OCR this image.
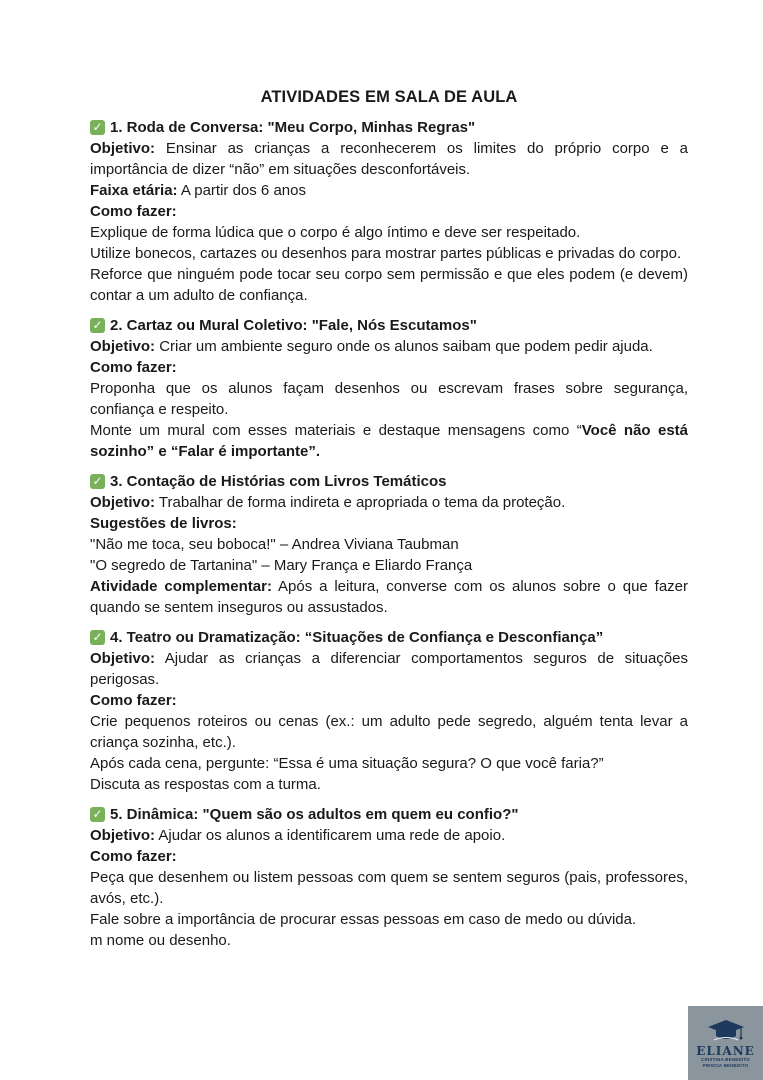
ATIVIDADES EM SALA DE AULA
✓ 1. Roda de Conversa: "Meu Corpo, Minhas Regras"
Objetivo: Ensinar as crianças a reconhecerem os limites do próprio corpo e a importância de dizer “não” em situações desconfortáveis.
Faixa etária: A partir dos 6 anos
Como fazer:
Explique de forma lúdica que o corpo é algo íntimo e deve ser respeitado.
Utilize bonecos, cartazes ou desenhos para mostrar partes públicas e privadas do corpo.
Reforce que ninguém pode tocar seu corpo sem permissão e que eles podem (e devem) contar a um adulto de confiança.
✓ 2. Cartaz ou Mural Coletivo: "Fale, Nós Escutamos"
Objetivo: Criar um ambiente seguro onde os alunos saibam que podem pedir ajuda.
Como fazer:
Proponha que os alunos façam desenhos ou escrevam frases sobre segurança, confiança e respeito.
Monte um mural com esses materiais e destaque mensagens como “Você não está sozinho” e “Falar é importante”.
✓ 3. Contação de Histórias com Livros Temáticos
Objetivo: Trabalhar de forma indireta e apropriada o tema da proteção.
Sugestões de livros:
"Não me toca, seu boboca!" – Andrea Viviana Taubman
"O segredo de Tartanina" – Mary França e Eliardo França
Atividade complementar: Após a leitura, converse com os alunos sobre o que fazer quando se sentem inseguros ou assustados.
✓ 4. Teatro ou Dramatização: “Situações de Confiança e Desconfiança”
Objetivo: Ajudar as crianças a diferenciar comportamentos seguros de situações perigosas.
Como fazer:
Crie pequenos roteiros ou cenas (ex.: um adulto pede segredo, alguém tenta levar a criança sozinha, etc.).
Após cada cena, pergunte: “Essa é uma situação segura? O que você faria?”
Discuta as respostas com a turma.
✓ 5. Dinâmica: "Quem são os adultos em quem eu confio?"
Objetivo: Ajudar os alunos a identificarem uma rede de apoio.
Como fazer:
Peça que desenhem ou listem pessoas com quem se sentem seguros (pais, professores, avós, etc.).
Fale sobre a importância de procurar essas pessoas em caso de medo ou dúvida.
m nome ou desenho.
ELIANE
CRISTINA BENEDITO
PRISCIA BENEDITO
